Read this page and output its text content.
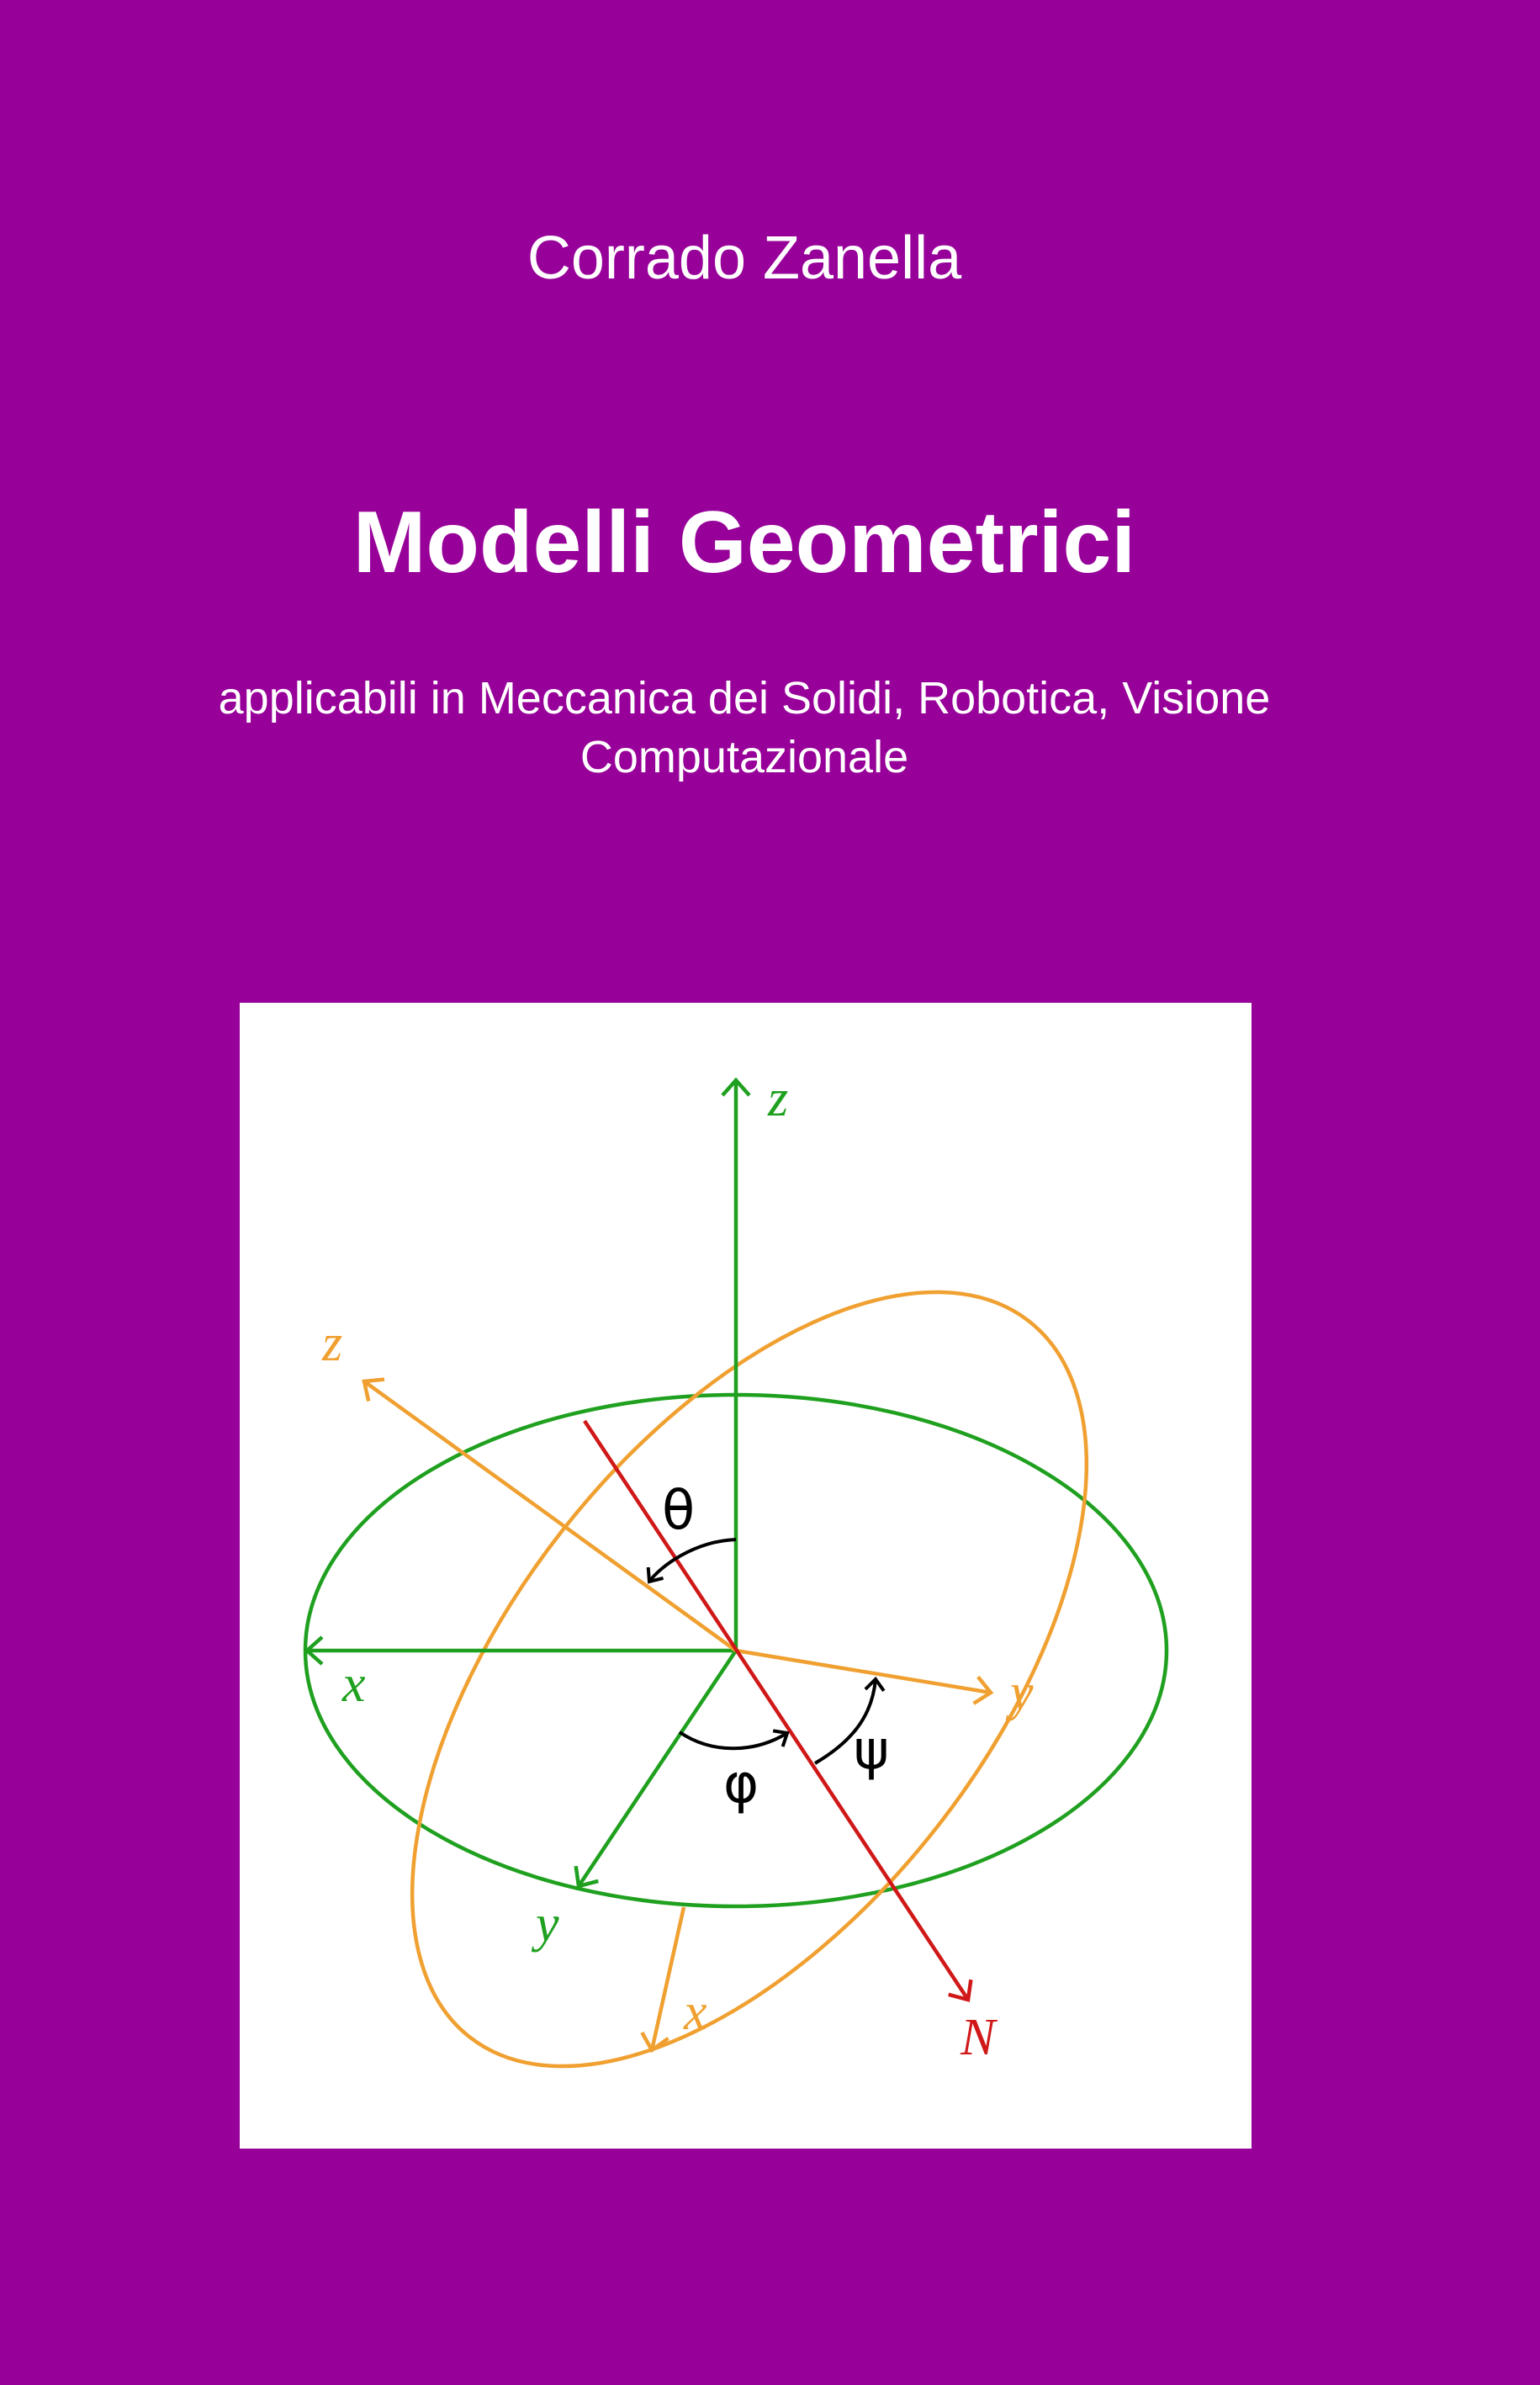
Corrado Zanella
Modelli Geometrici
applicabili in Meccanica dei Solidi, Robotica, Visione
Computazionale
z
x
y
z
y
x	N
θ
φ
ψ
